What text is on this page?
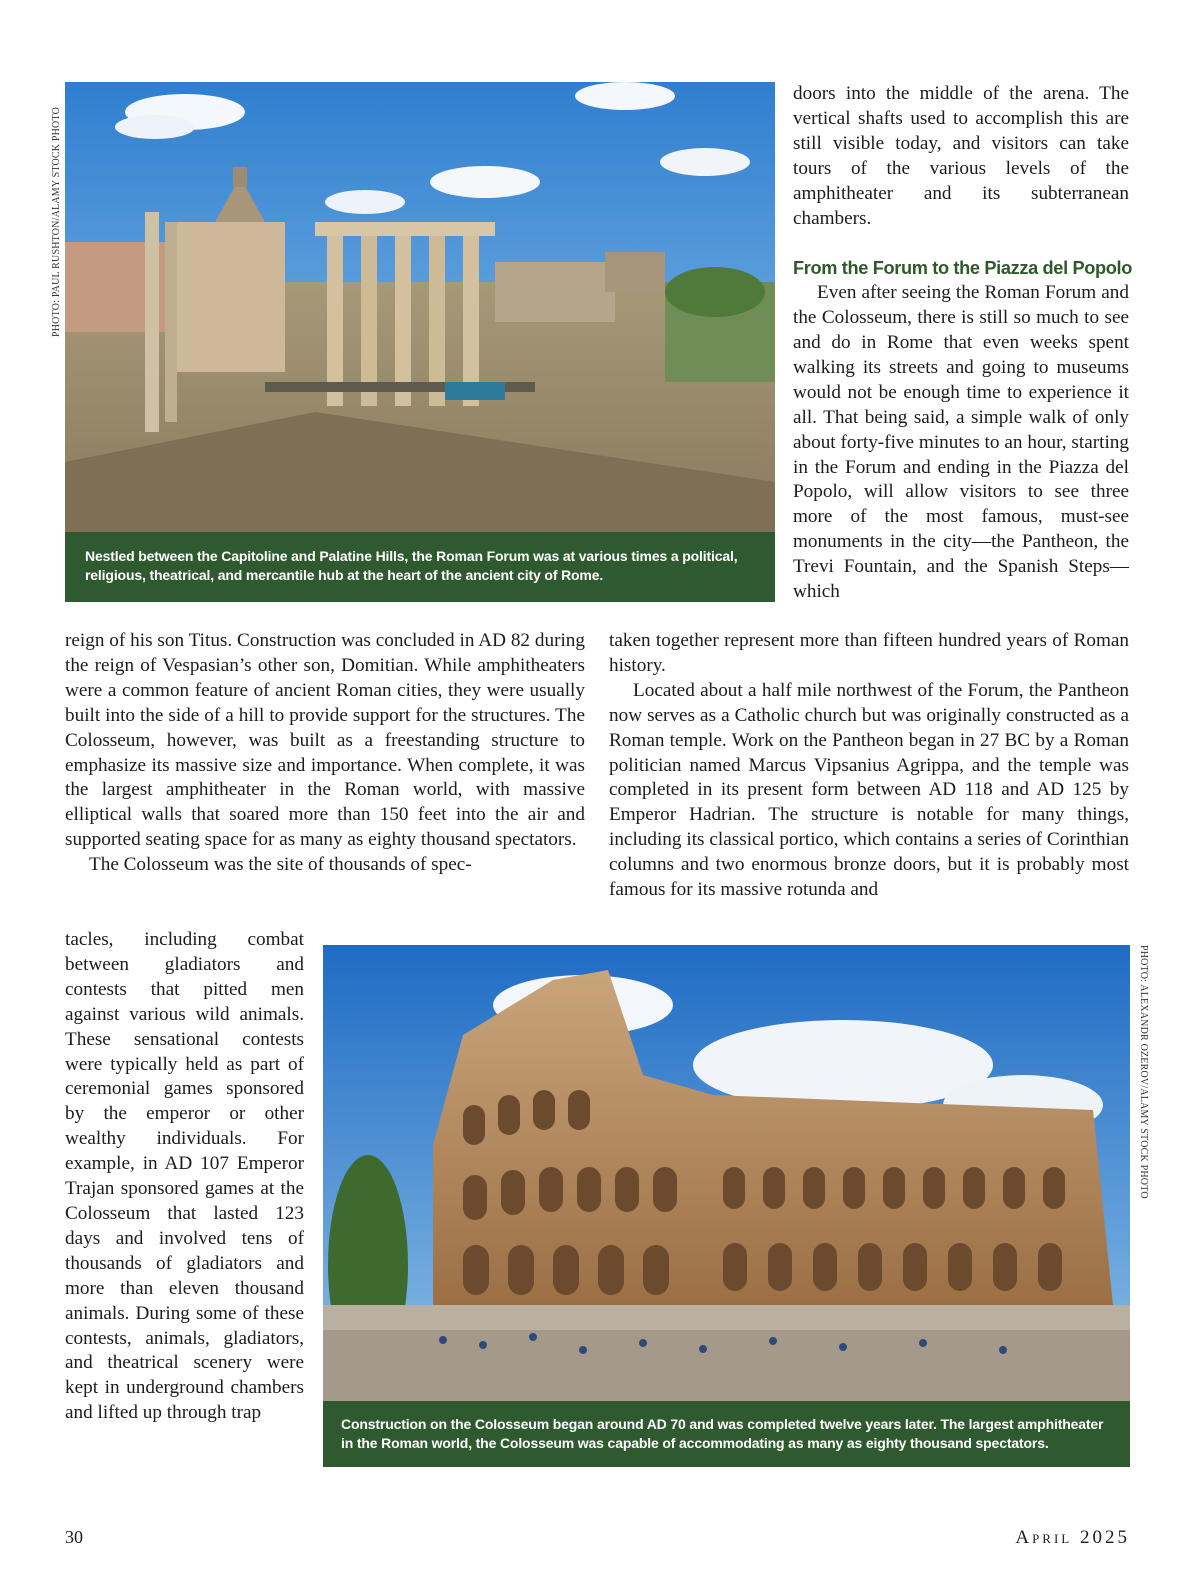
PHOTO: PAUL RUSHTON/ALAMY STOCK PHOTO
Nestled between the Capitoline and Palatine Hills, the Roman Forum was at various times a political, religious, theatrical, and mercantile hub at the heart of the ancient city of Rome.

doors into the middle of the arena. The vertical shafts used to accomplish this are still visible today, and visitors can take tours of the various levels of the amphitheater and its subterranean chambers.

From the Forum to the Piazza del Popolo

Even after seeing the Roman Forum and the Colosseum, there is still so much to see and do in Rome that even weeks spent walking its streets and going to museums would not be enough time to experience it all. That being said, a simple walk of only about forty-five minutes to an hour, starting in the Forum and ending in the Piazza del Popolo, will allow visitors to see three more of the most famous, must-see monuments in the city—the Pantheon, the Trevi Fountain, and the Spanish Steps—which

reign of his son Titus. Construction was concluded in AD 82 during the reign of Vespasian’s other son, Domitian. While amphitheaters were a common feature of ancient Roman cities, they were usually built into the side of a hill to provide support for the structures. The Colosseum, however, was built as a freestanding structure to emphasize its massive size and importance. When complete, it was the largest amphitheater in the Roman world, with massive elliptical walls that soared more than 150 feet into the air and supported seating space for as many as eighty thousand spectators.

The Colosseum was the site of thousands of spec-

tacles, including combat between gladiators and contests that pitted men against various wild animals. These sensational contests were typically held as part of ceremonial games sponsored by the emperor or other wealthy individuals. For example, in AD 107 Emperor Trajan sponsored games at the Colosseum that lasted 123 days and involved tens of thousands of gladiators and more than eleven thousand animals. During some of these contests, animals, gladiators, and theatrical scenery were kept in underground chambers and lifted up through trap

taken together represent more than fifteen hundred years of Roman history.

Located about a half mile northwest of the Forum, the Pantheon now serves as a Catholic church but was originally constructed as a Roman temple. Work on the Pantheon began in 27 BC by a Roman politician named Marcus Vipsanius Agrippa, and the temple was completed in its present form between AD 118 and AD 125 by Emperor Hadrian. The structure is notable for many things, including its classical portico, which contains a series of Corinthian columns and two enormous bronze doors, but it is probably most famous for its massive rotunda and

Construction on the Colosseum began around AD 70 and was completed twelve years later. The largest amphitheater in the Roman world, the Colosseum was capable of accommodating as many as eighty thousand spectators.
PHOTO: ALEXANDR OZEROV/ALAMY STOCK PHOTO
30	April 2025
